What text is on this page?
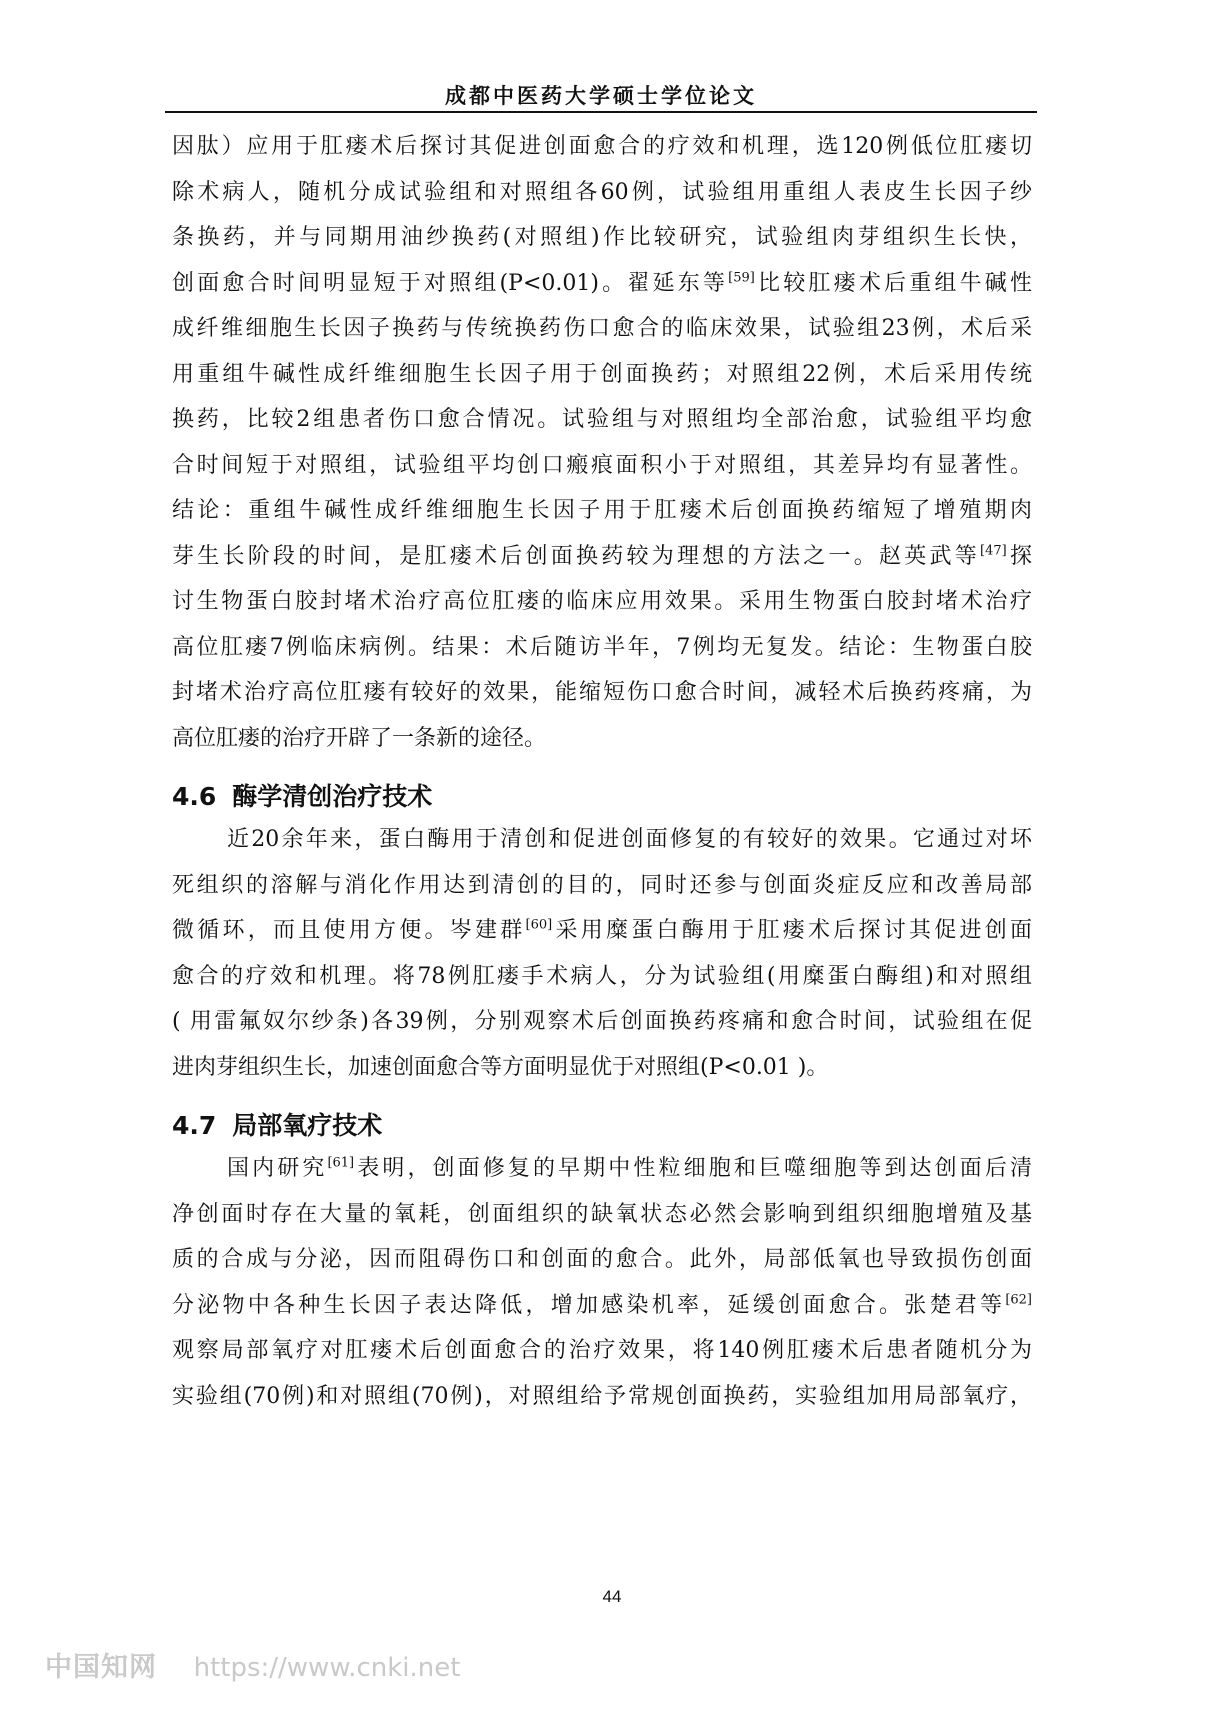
成都中医药大学硕士学位论文
因肽）应用于肛瘘术后探讨其促进创面愈合的疗效和机理，选120例低位肛瘘切
除术病人，随机分成试验组和对照组各60例，试验组用重组人表皮生长因子纱
条换药，并与同期用油纱换药(对照组)作比较研究，试验组肉芽组织生长快，
创面愈合时间明显短于对照组(P<0.01)。翟延东等[59]比较肛瘘术后重组牛碱性
成纤维细胞生长因子换药与传统换药伤口愈合的临床效果，试验组23例，术后采
用重组牛碱性成纤维细胞生长因子用于创面换药；对照组22例，术后采用传统
换药，比较2组患者伤口愈合情况。试验组与对照组均全部治愈，试验组平均愈
合时间短于对照组，试验组平均创口瘢痕面积小于对照组，其差异均有显著性。
结论：重组牛碱性成纤维细胞生长因子用于肛瘘术后创面换药缩短了增殖期肉
芽生长阶段的时间，是肛瘘术后创面换药较为理想的方法之一。赵英武等[47]探
讨生物蛋白胶封堵术治疗高位肛瘘的临床应用效果。采用生物蛋白胶封堵术治疗
高位肛瘘7例临床病例。结果：术后随访半年，7例均无复发。结论：生物蛋白胶
封堵术治疗高位肛瘘有较好的效果，能缩短伤口愈合时间，减轻术后换药疼痛，为
高位肛瘘的治疗开辟了一条新的途径。
4.6 酶学清创治疗技术
近20余年来，蛋白酶用于清创和促进创面修复的有较好的效果。它通过对坏
死组织的溶解与消化作用达到清创的目的，同时还参与创面炎症反应和改善局部
微循环，而且使用方便。岑建群[60]采用糜蛋白酶用于肛瘘术后探讨其促进创面
愈合的疗效和机理。将78例肛瘘手术病人，分为试验组(用糜蛋白酶组)和对照组
( 用雷氟奴尔纱条)各39例，分别观察术后创面换药疼痛和愈合时间，试验组在促
进肉芽组织生长，加速创面愈合等方面明显优于对照组(P<0.01 )。
4.7 局部氧疗技术
国内研究[61]表明，创面修复的早期中性粒细胞和巨噬细胞等到达创面后清
净创面时存在大量的氧耗，创面组织的缺氧状态必然会影响到组织细胞增殖及基
质的合成与分泌，因而阻碍伤口和创面的愈合。此外，局部低氧也导致损伤创面
分泌物中各种生长因子表达降低，增加感染机率，延缓创面愈合。张楚君等[62]
观察局部氧疗对肛瘘术后创面愈合的治疗效果，将140例肛瘘术后患者随机分为
实验组(70例)和对照组(70例)，对照组给予常规创面换药，实验组加用局部氧疗，
44
中国知网 https://www.cnki.net
